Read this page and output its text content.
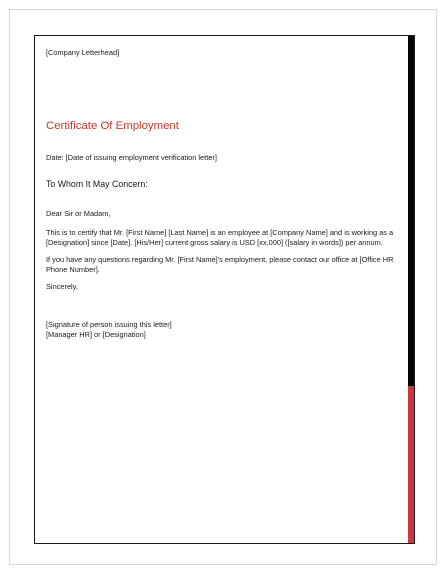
[Company Letterhead]

Certificate Of Employment

Date: [Date of issuing employment verification letter]

To Whom It May Concern:

Dear Sir or Madam,

This is to certify that Mr. [First Name] [Last Name] is an employee at [Company Name] and is working as a [Designation] since [Date]. [His/Her] current gross salary is USD [xx,000] ([salary in words]) per annum.

If you have any questions regarding Mr. [First Name]'s employment, please contact our office at [Office HR Phone Number].

Sincerely,

[Signature of person issuing this letter]

[Manager HR] or [Designation]
